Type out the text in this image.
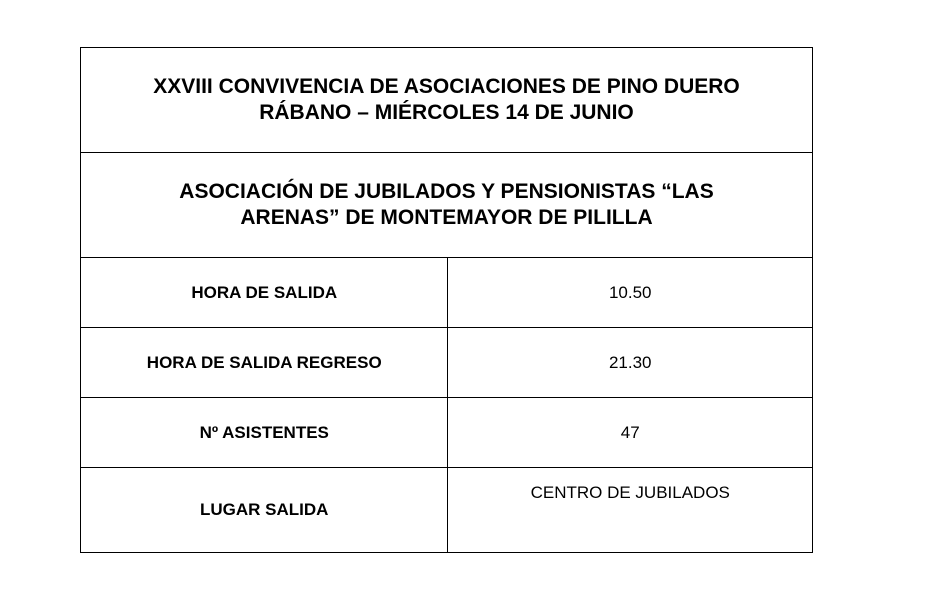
XXVIII CONVIVENCIA DE ASOCIACIONES DE PINO DUERO
RÁBANO – MIÉRCOLES 14 DE JUNIO	

ASOCIACIÓN DE JUBILADOS Y PENSIONISTAS “LAS
ARENAS” DE MONTEMAYOR DE PILILLA	

HORA DE SALIDA	10.50
HORA DE SALIDA REGRESO	21.30
Nº ASISTENTES	47
LUGAR SALIDA	CENTRO DE JUBILADOS
